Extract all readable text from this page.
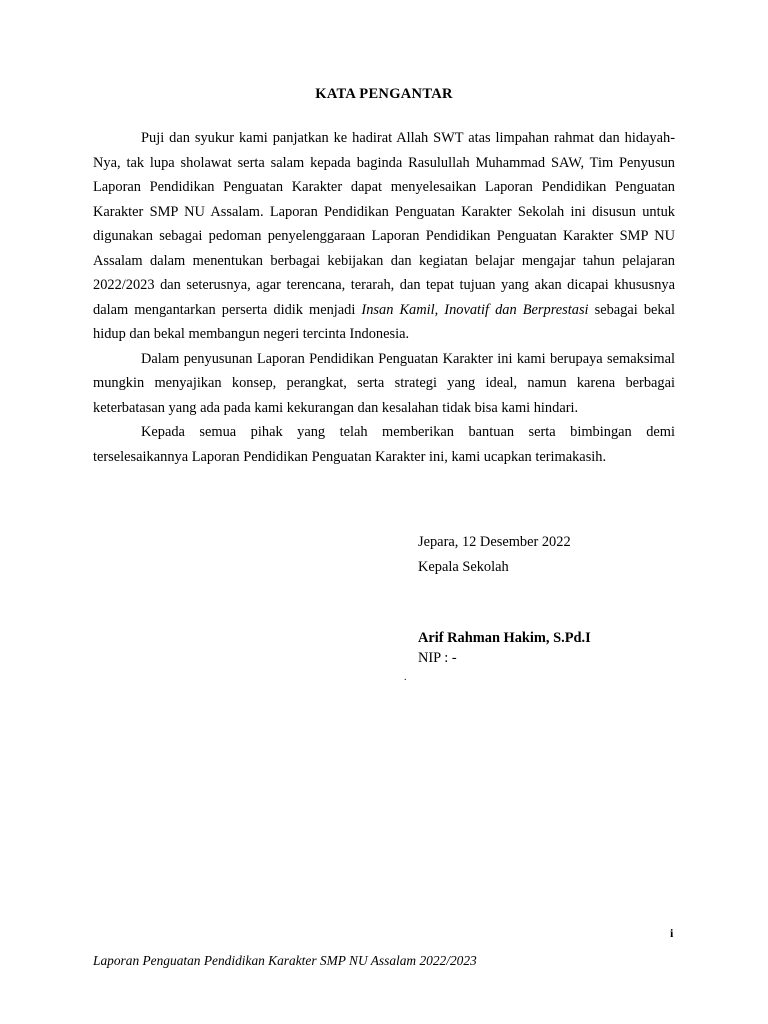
KATA PENGANTAR

Puji dan syukur kami panjatkan ke hadirat Allah SWT atas limpahan rahmat dan hidayah-Nya, tak lupa sholawat serta salam kepada baginda Rasulullah Muhammad SAW, Tim Penyusun Laporan Pendidikan Penguatan Karakter dapat menyelesaikan Laporan Pendidikan Penguatan Karakter SMP NU Assalam. Laporan Pendidikan Penguatan Karakter Sekolah ini disusun untuk digunakan sebagai pedoman penyelenggaraan Laporan Pendidikan Penguatan Karakter SMP NU Assalam dalam menentukan berbagai kebijakan dan kegiatan belajar mengajar tahun pelajaran 2022/2023 dan seterusnya, agar terencana, terarah, dan tepat tujuan yang akan dicapai khususnya dalam mengantarkan perserta didik menjadi Insan Kamil, Inovatif dan Berprestasi sebagai bekal hidup dan bekal membangun negeri tercinta Indonesia.

Dalam penyusunan Laporan Pendidikan Penguatan Karakter ini kami berupaya semaksimal mungkin menyajikan konsep, perangkat, serta strategi yang ideal, namun karena berbagai keterbatasan yang ada pada kami kekurangan dan kesalahan tidak bisa kami hindari.

Kepada semua pihak yang telah memberikan bantuan serta bimbingan demi terselesaikannya Laporan Pendidikan Penguatan Karakter ini, kami ucapkan terimakasih.

Jepara, 12 Desember 2022
Kepala Sekolah
Arif Rahman Hakim, S.Pd.I
NIP : -
.
i
Laporan Penguatan Pendidikan Karakter SMP NU Assalam 2022/2023
